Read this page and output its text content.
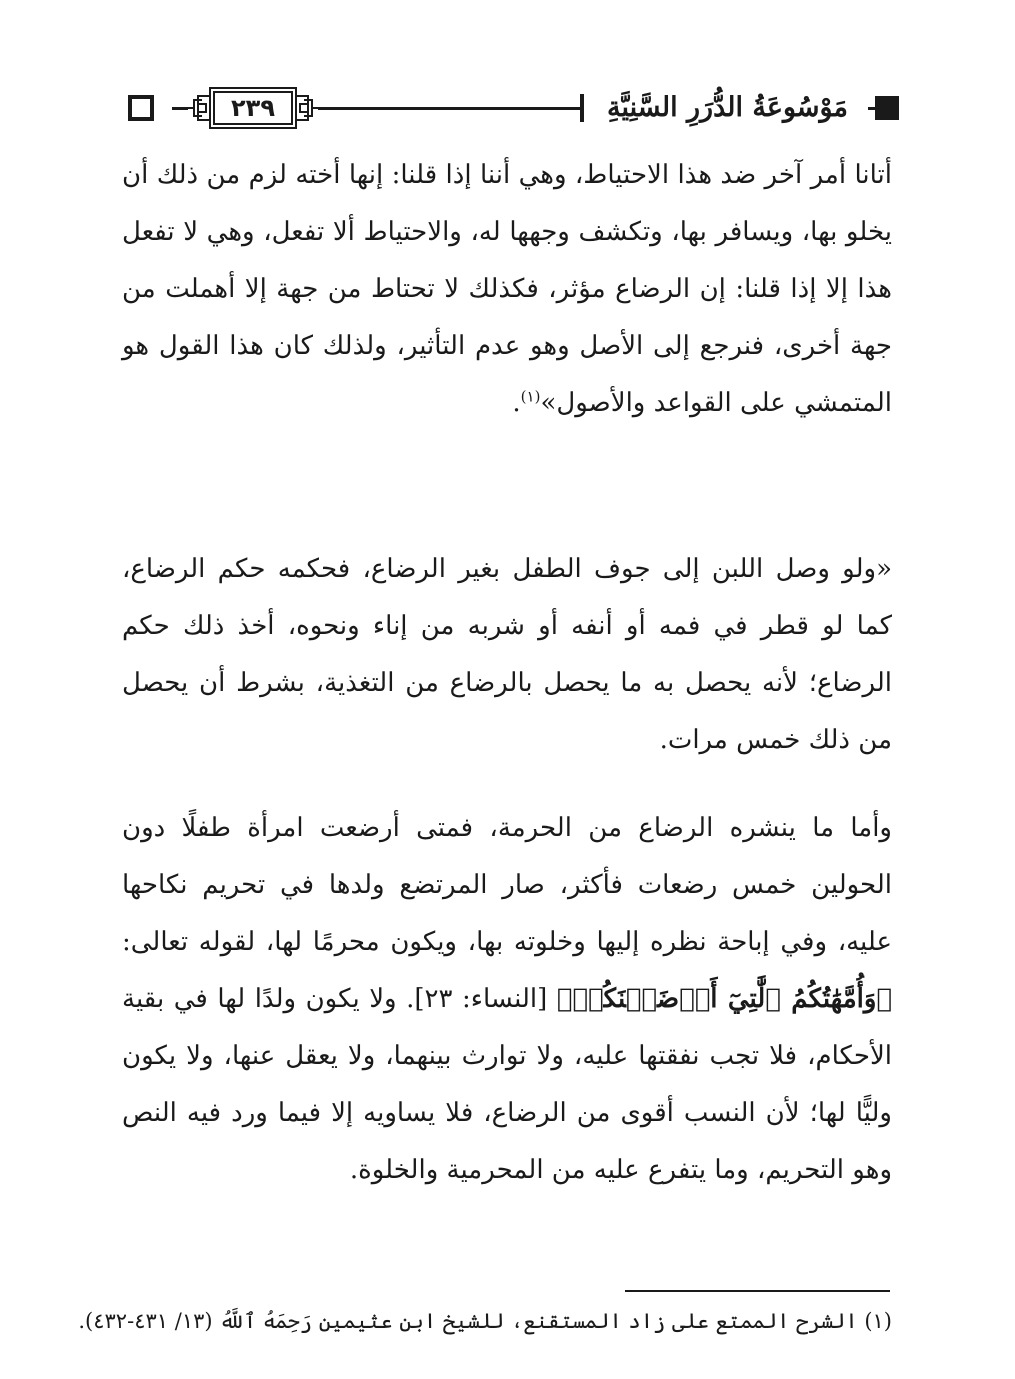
٢٣٩	مَوْسُوعَةُ الدُّرَرِ السَّنِيَّةِ

أتانا أمر آخر ضد هذا الاحتياط، وهي أننا إذا قلنا: إنها أخته لزم من ذلك أن يخلو بها، ويسافر بها، وتكشف وجهها له، والاحتياط ألا تفعل، وهي لا تفعل هذا إلا إذا قلنا: إن الرضاع مؤثر، فكذلك لا تحتاط من جهة إلا أهملت من جهة أخرى، فنرجع إلى الأصل وهو عدم التأثير، ولذلك كان هذا القول هو المتمشي على القواعد والأصول»$^{(١)}$.

«ولو وصل اللبن إلى جوف الطفل بغير الرضاع، فحكمه حكم الرضاع، كما لو قطر في فمه أو أنفه أو شربه من إناء ونحوه، أخذ ذلك حكم الرضاع؛ لأنه يحصل به ما يحصل بالرضاع من التغذية، بشرط أن يحصل من ذلك خمس مرات.

وأما ما ينشره الرضاع من الحرمة، فمتى أرضعت امرأة طفلًا دون الحولين خمس رضعات فأكثر، صار المرتضع ولدها في تحريم نكاحها عليه، وفي إباحة نظره إليها وخلوته بها، ويكون محرمًا لها، لقوله تعالى: ﴿وَأُمَّهَٰتُكُمُ ٱلَّٰتِيٓ أَرۡضَعۡنَكُمۡ﴾ [النساء: ٢٣]. ولا يكون ولدًا لها في بقية الأحكام، فلا تجب نفقتها عليه، ولا توارث بينهما، ولا يعقل عنها، ولا يكون وليًّا لها؛ لأن النسب أقوى من الرضاع، فلا يساويه إلا فيما ورد فيه النص وهو التحريم، وما يتفرع عليه من المحرمية والخلوة.

(١) الشرح الممتع على زاد المستقنع، للشيخ ابن عثيمين رَحِمَهُ ٱللَّهُ (١٣/ ٤٣١-٤٣٢).
